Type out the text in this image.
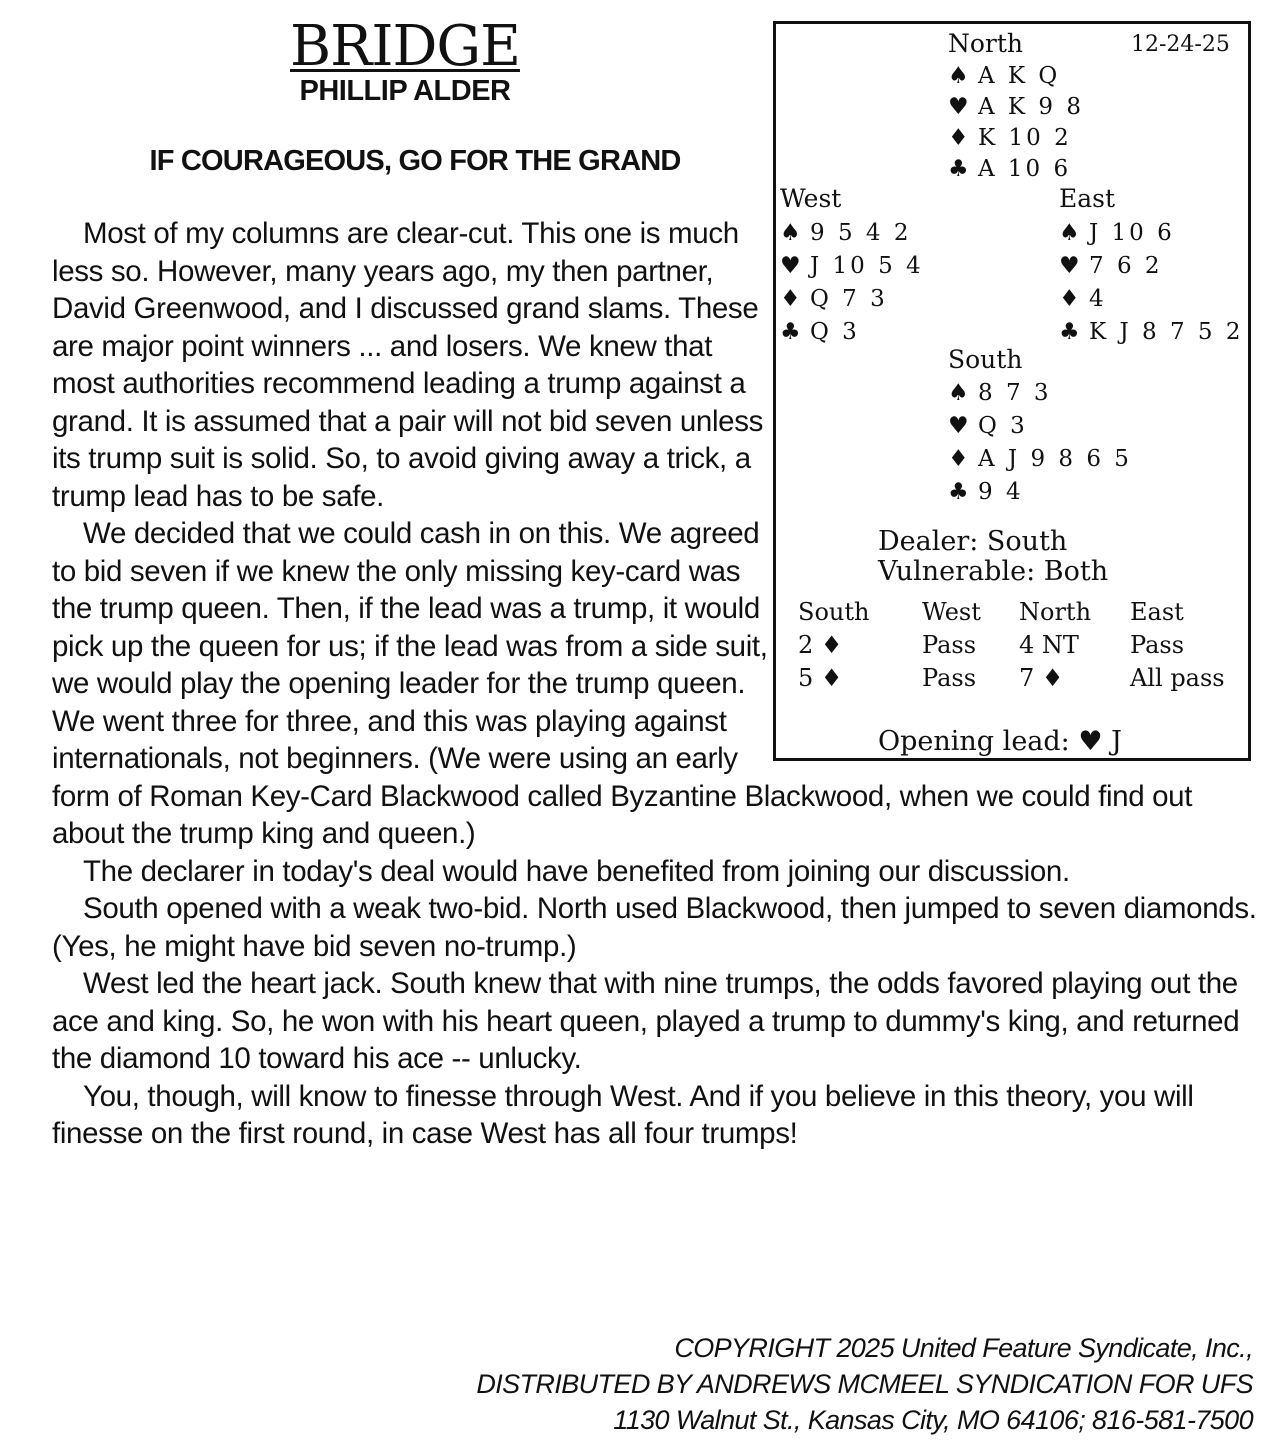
BRIDGE
PHILLIP ALDER
IF COURAGEOUS, GO FOR THE GRAND

Most of my columns are clear-cut. This one is much less so. However, many years ago, my then partner, David Greenwood, and I discussed grand slams. These are major point winners ... and losers. We knew that most authorities recommend leading a trump against a grand. It is assumed that a pair will not bid seven unless its trump suit is solid. So, to avoid giving away a trick, a trump lead has to be safe.

We decided that we could cash in on this. We agreed to bid seven if we knew the only missing key-card was the trump queen. Then, if the lead was a trump, it would pick up the queen for us; if the lead was from a side suit, we would play the opening leader for the trump queen. We went three for three, and this was playing against internationals, not beginners. (We were using an early form of Roman Key-Card Blackwood called Byzantine Blackwood, when we could find out about the trump king and queen.)

The declarer in today's deal would have benefited from joining our discussion.

South opened with a weak two-bid. North used Blackwood, then jumped to seven diamonds. (Yes, he might have bid seven no-trump.)

West led the heart jack. South knew that with nine trumps, the odds favored playing out the ace and king. So, he won with his heart queen, played a trump to dummy's king, and returned the diamond 10 toward his ace -- unlucky.

You, though, will know to finesse through West. And if you believe in this theory, you will finesse on the first round, in case West has all four trumps!

12-24-25
North
♠ A K Q
♥ A K 9 8
♦ K 10 2
♣ A 10 6
West
♠ 9 5 4 2
♥ J 10 5 4
♦ Q 7 3
♣ Q 3
East
♠ J 10 6
♥ 7 6 2
♦ 4
♣ K J 8 7 5 2
South
♠ 8 7 3
♥ Q 3
♦ A J 9 8 6 5
♣ 9 4
Dealer: South
Vulnerable: Both
South West North East
2 ♦	Pass 4 NT Pass
5 ♦	Pass 7 ♦	All pass
Opening lead: ♥ J
COPYRIGHT 2025 United Feature Syndicate, Inc.,
DISTRIBUTED BY ANDREWS MCMEEL SYNDICATION FOR UFS
1130 Walnut St., Kansas City, MO 64106; 816-581-7500
